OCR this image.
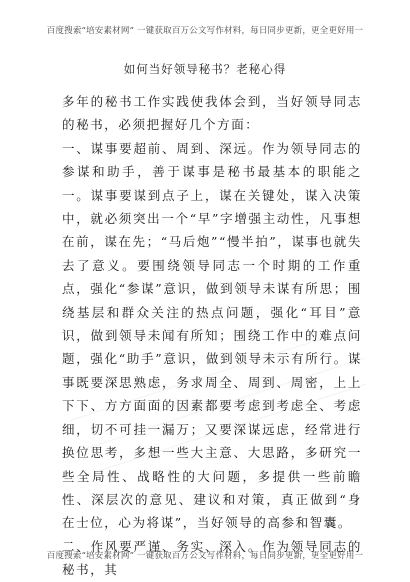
百度搜索“培安素材网” 一键获取百万公文写作材料，每日同步更新，更全更好用一
如何当好领导秘书？老秘心得

多年的秘书工作实践使我体会到，当好领导同志的秘书，必须把握好几个方面：

一、谋事要超前、周到、深远。作为领导同志的参谋和助手，善于谋事是秘书最基本的职能之一。谋事要谋到点子上，谋在关键处，谋入决策中，就必须突出一个“早”字增强主动性，凡事想在前，谋在先；“马后炮”“慢半拍”，谋事也就失去了意义。要围绕领导同志一个时期的工作重点，强化“参谋”意识，做到领导未谋有所思；围绕基层和群众关注的热点问题，强化“耳目”意识，做到领导未闻有所知；围绕工作中的难点问题，强化“助手”意识，做到领导未示有所行。谋事既要深思熟虑，务求周全、周到、周密，上上下下、方方面面的因素都要考虑到考虑全、考虑细，切不可挂一漏万；又要深谋远虑，经常进行换位思考，多想一些大主意、大思路，多研究一些全局性、战略性的大问题，多提供一些前瞻性、深层次的意见、建议和对策，真正做到“身在士位，心为将谋”，当好领导的高参和智囊。

二、作风要严谨、务实、深入。作为领导同志的秘书，其

百度搜索“培安素材网” 一键获取百万公文写作材料，每日同步更新，更全更好用一
